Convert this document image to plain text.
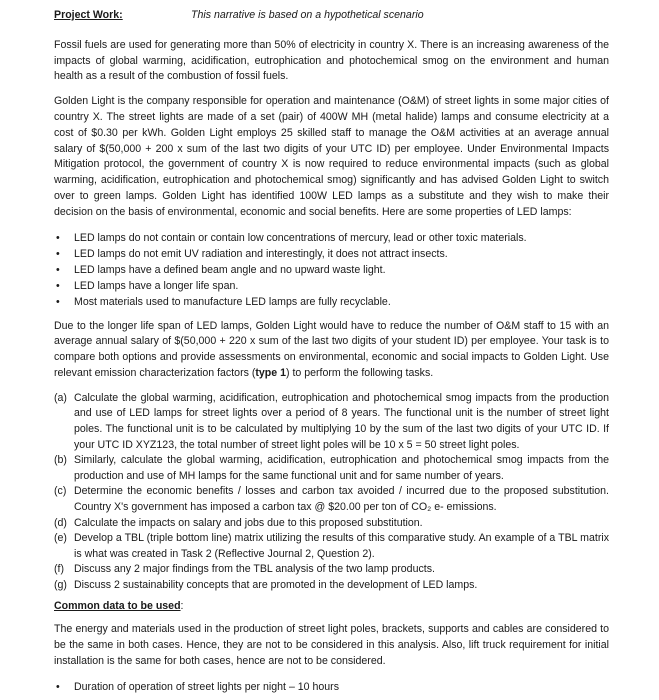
Project Work:	This narrative is based on a hypothetical scenario

Fossil fuels are used for generating more than 50% of electricity in country X. There is an increasing awareness of the impacts of global warming, acidification, eutrophication and photochemical smog on the environment and human health as a result of the combustion of fossil fuels.

Golden Light is the company responsible for operation and maintenance (O&M) of street lights in some major cities of country X. The street lights are made of a set (pair) of 400W MH (metal halide) lamps and consume electricity at a cost of $0.30 per kWh. Golden Light employs 25 skilled staff to manage the O&M activities at an average annual salary of $(50,000 + 200 x sum of the last two digits of your UTC ID) per employee. Under Environmental Impacts Mitigation protocol, the government of country X is now required to reduce environmental impacts (such as global warming, acidification, eutrophication and photochemical smog) significantly and has advised Golden Light to switch over to green lamps. Golden Light has identified 100W LED lamps as a substitute and they wish to make their decision on the basis of environmental, economic and social benefits. Here are some properties of LED lamps:

• LED lamps do not contain or contain low concentrations of mercury, lead or other toxic materials.
• LED lamps do not emit UV radiation and interestingly, it does not attract insects.
• LED lamps have a defined beam angle and no upward waste light.
• LED lamps have a longer life span.
• Most materials used to manufacture LED lamps are fully recyclable.

Due to the longer life span of LED lamps, Golden Light would have to reduce the number of O&M staff to 15 with an average annual salary of $(50,000 + 220 x sum of the last two digits of your student ID) per employee. Your task is to compare both options and provide assessments on environmental, economic and social impacts to Golden Light. Use relevant emission characterization factors (type 1) to perform the following tasks.

(a) Calculate the global warming, acidification, eutrophication and photochemical smog impacts from the production and use of LED lamps for street lights over a period of 8 years. The functional unit is the number of street light poles. The functional unit is to be calculated by multiplying 10 by the sum of the last two digits of your UTC ID. If your UTC ID XYZ123, the total number of street light poles will be 10 x 5 = 50 street light poles.
(b) Similarly, calculate the global warming, acidification, eutrophication and photochemical smog impacts from the production and use of MH lamps for the same functional unit and for same number of years.
(c) Determine the economic benefits / losses and carbon tax avoided / incurred due to the proposed substitution. Country X's government has imposed a carbon tax @ $20.00 per ton of CO₂ e- emissions.
(d) Calculate the impacts on salary and jobs due to this proposed substitution.
(e) Develop a TBL (triple bottom line) matrix utilizing the results of this comparative study. An example of a TBL matrix is what was created in Task 2 (Reflective Journal 2, Question 2).
(f) Discuss any 2 major findings from the TBL analysis of the two lamp products.
(g) Discuss 2 sustainability concepts that are promoted in the development of LED lamps.
Common data to be used:

The energy and materials used in the production of street light poles, brackets, supports and cables are considered to be the same in both cases. Hence, they are not to be considered in this analysis. Also, lift truck requirement for initial installation is the same for both cases, hence are not to be considered.

• Duration of operation of street lights per night – 10 hours
